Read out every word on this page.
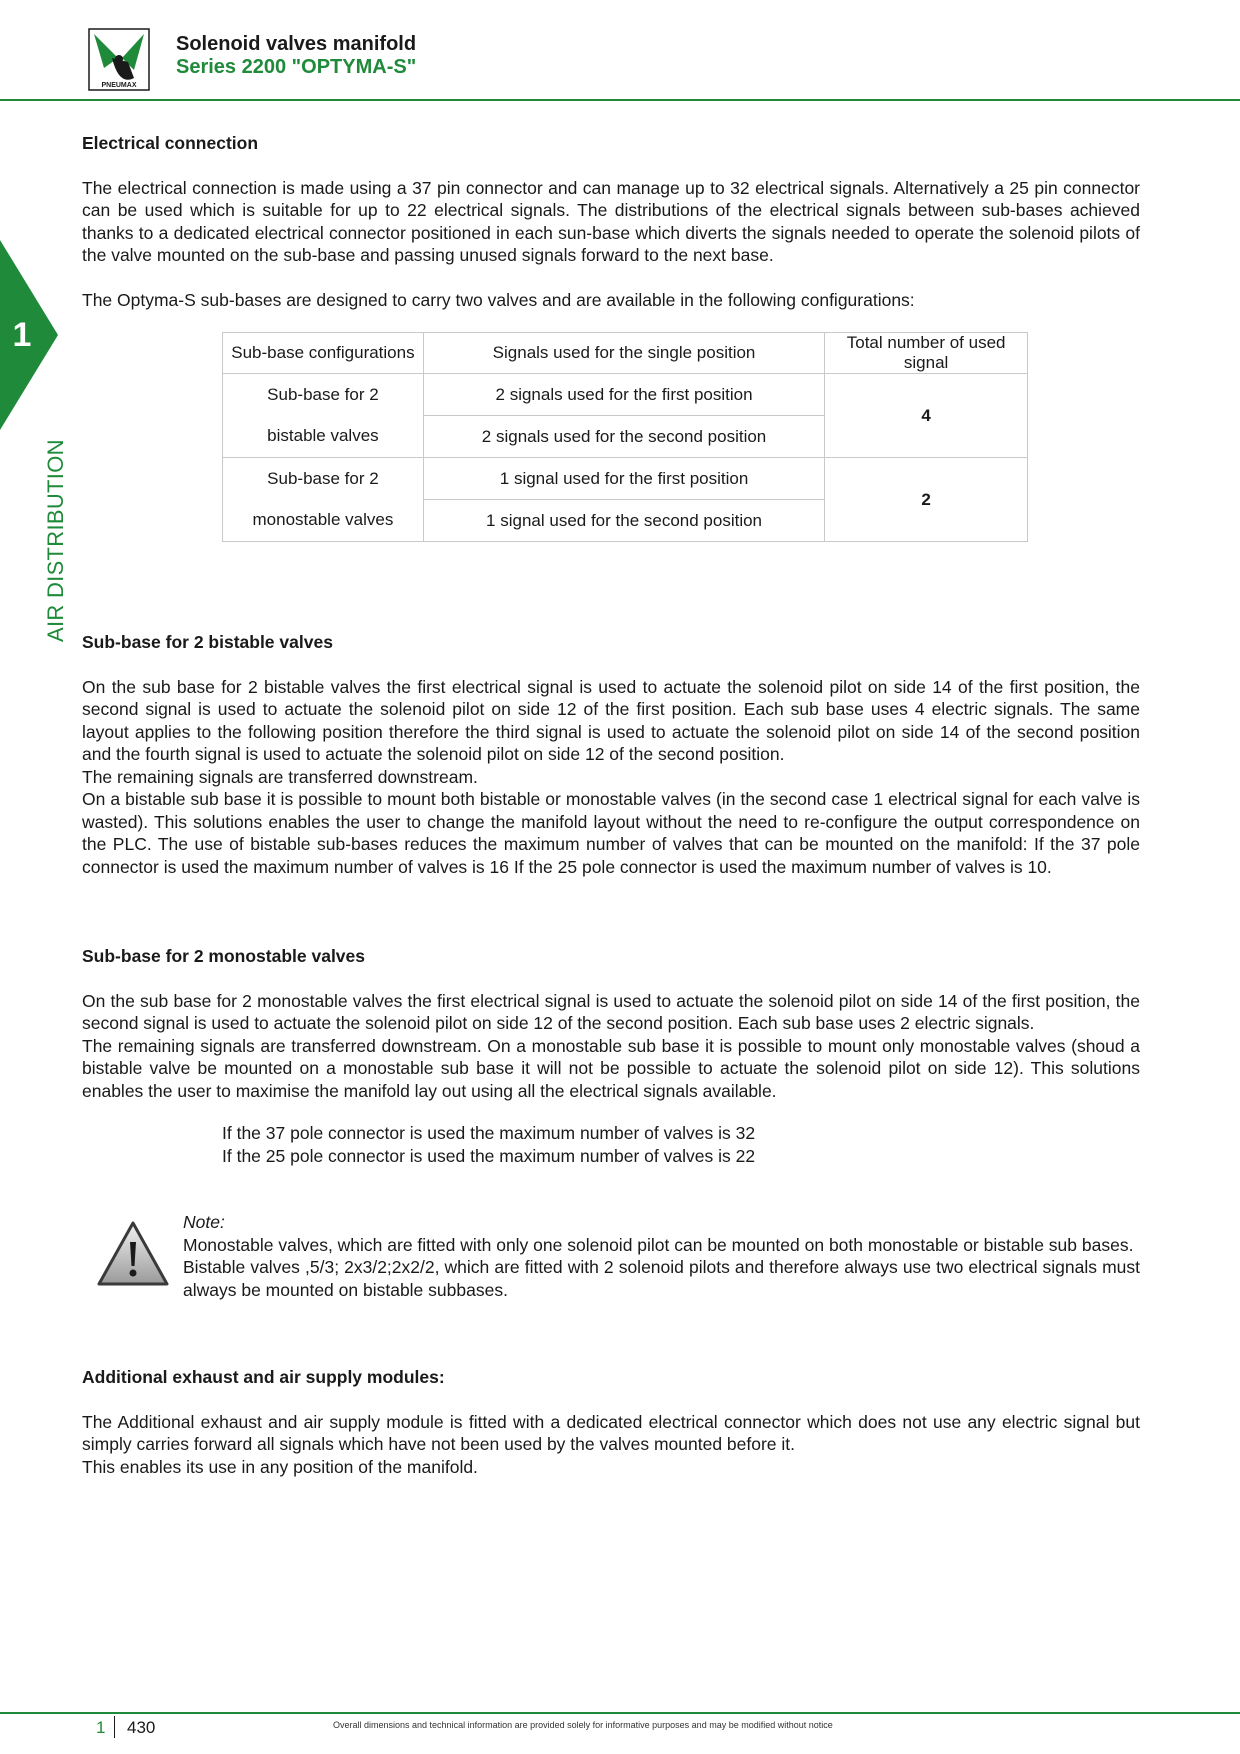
PNEUMAX
Solenoid valves manifold
Series 2200 "OPTYMA-S"
1
AIR DISTRIBUTION
Electrical connection

The electrical connection is made using a 37 pin connector and can manage up to 32 electrical signals. Alternatively a 25 pin connector can be used which is suitable for up to 22 electrical signals. The distributions of the electrical signals between sub-bases achieved thanks to a dedicated electrical connector positioned in each sun-base which diverts the signals needed to operate the solenoid pilots of the valve mounted on the sub-base and passing unused signals forward to the next base.

The Optyma-S sub-bases are designed to carry two valves and are available in the following configurations:

Sub-base configurations	Signals used for the single position	Total number of used signal
Sub-base for 2	2 signals used for the first position	4
bistable valves	2 signals used for the second position	
Sub-base for 2	1 signal used for the first position	2
monostable valves	1 signal used for the second position	
Sub-base for 2 bistable valves

On the sub base for 2 bistable valves the first electrical signal is used to actuate the solenoid pilot on side 14 of the first position, the second signal is used to actuate the solenoid pilot on side 12 of the first position. Each sub base uses 4 electric signals. The same layout applies to the following position therefore the third signal is used to actuate the solenoid pilot on side 14 of the second position and the fourth signal is used to actuate the solenoid pilot on side 12 of the second position.

The remaining signals are transferred downstream.

On a bistable sub base it is possible to mount both bistable or monostable valves (in the second case 1 electrical signal for each valve is wasted). This solutions enables the user to change the manifold layout without the need to re-configure the output correspondence on the PLC. The use of bistable sub-bases reduces the maximum number of valves that can be mounted on the manifold: If the 37 pole connector is used the maximum number of valves is 16 If the 25 pole connector is used the maximum number of valves is 10.

Sub-base for 2 monostable valves

On the sub base for 2 monostable valves the first electrical signal is used to actuate the solenoid pilot on side 14 of the first position, the second signal is used to actuate the solenoid pilot on side 12 of the second position. Each sub base uses 2 electric signals.

The remaining signals are transferred downstream. On a monostable sub base it is possible to mount only monostable valves (shoud a bistable valve be mounted on a monostable sub base it will not be possible to actuate the solenoid pilot on side 12). This solutions enables the user to maximise the manifold lay out using all the electrical signals available.

If the 37 pole connector is used the maximum number of valves is 32
If the 25 pole connector is used the maximum number of valves is 22
Note:

Monostable valves, which are fitted with only one solenoid pilot can be mounted on both monostable or bistable sub bases.

Bistable valves ,5/3; 2x3/2;2x2/2, which are fitted with 2 solenoid pilots and therefore always use two electrical signals must always be mounted on bistable subbases.

Additional exhaust and air supply modules:

The Additional exhaust and air supply module is fitted with a dedicated electrical connector which does not use any electric signal but simply carries forward all signals which have not been used by the valves mounted before it.

This enables its use in any position of the manifold.

1 430	Overall dimensions and technical information are provided solely for informative purposes and may be modified without notice
